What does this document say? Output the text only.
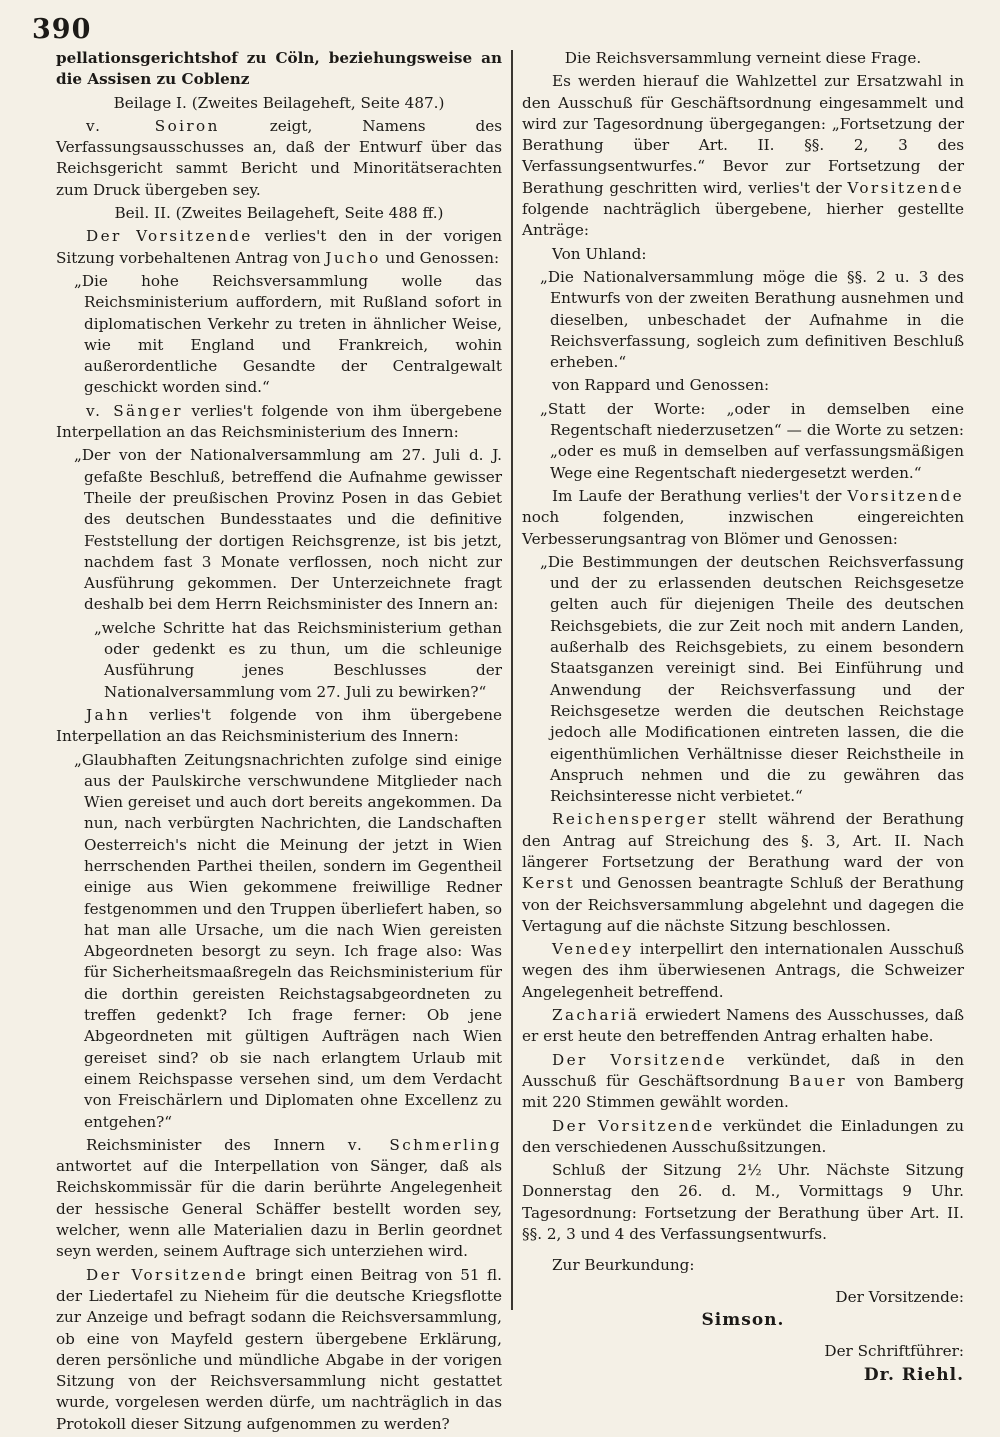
390

pellationsgerichtshof zu Cöln, beziehungsweise an die Assisen zu Coblenz

Beilage I. (Zweites Beilageheft, Seite 487.)

v. Soiron	zeigt, Namens des Verfassungsausschusses an, daß der Entwurf über das Reichsgericht sammt Bericht und Minoritätserachten zum Druck übergeben sey.

Beil. II. (Zweites Beilageheft, Seite 488 ff.)

Der Vorsitzende verlies't den in der vorigen Sitzung vorbehaltenen Antrag von Jucho und Genossen:

„Die hohe Reichsversammlung wolle das Reichsministerium auffordern, mit Rußland sofort in diplomatischen Verkehr zu treten in ähnlicher Weise, wie mit England und Frankreich, wohin außerordentliche Gesandte der Centralgewalt geschickt worden sind.“

v. Sänger verlies't folgende von ihm übergebene Interpellation an das Reichsministerium des Innern:

„Der von der Nationalversammlung am 27. Juli d. J. gefaßte Beschluß, betreffend die Aufnahme gewisser Theile der preußischen Provinz Posen in das Gebiet des deutschen Bundesstaates und die definitive Feststellung der dortigen Reichsgrenze, ist bis jetzt, nachdem fast 3 Monate verflossen, noch nicht zur Ausführung gekommen. Der Unterzeichnete fragt deshalb bei dem Herrn Reichsminister des Innern an:

„welche Schritte hat das Reichsministerium gethan oder gedenkt es zu thun, um die schleunige Ausführung jenes Beschlusses der Nationalversammlung vom 27. Juli zu bewirken?“

Jahn verlies't folgende von ihm übergebene Interpellation an das Reichsministerium des Innern:

„Glaubhaften Zeitungsnachrichten zufolge sind einige aus der Paulskirche verschwundene Mitglieder nach Wien gereiset und auch dort bereits angekommen. Da nun, nach verbürgten Nachrichten, die Landschaften Oesterreich's nicht die Meinung der jetzt in Wien herrschenden Parthei theilen, sondern im Gegentheil einige aus Wien gekommene freiwillige Redner festgenommen und den Truppen überliefert haben, so hat man alle Ursache, um die nach Wien gereisten Abgeordneten besorgt zu seyn. Ich frage also: Was für Sicherheitsmaaßregeln das Reichsministerium für die dorthin gereisten Reichstagsabgeordneten zu treffen gedenkt? Ich frage ferner: Ob jene Abgeordneten mit gültigen Aufträgen nach Wien gereiset sind? ob sie nach erlangtem Urlaub mit einem Reichspasse versehen sind, um dem Verdacht von Freischärlern und Diplomaten ohne Excellenz zu entgehen?“

Reichsminister des Innern v. Schmerling antwortet auf die Interpellation von Sänger, daß als Reichskommissär für die darin berührte Angelegenheit der hessische General Schäffer bestellt worden sey, welcher, wenn alle Materialien dazu in Berlin geordnet seyn werden, seinem Auftrage sich unterziehen wird.

Der Vorsitzende bringt einen Beitrag von 51 fl. der Liedertafel zu Nieheim für die deutsche Kriegsflotte zur Anzeige und befragt sodann die Reichsversammlung, ob eine von Mayfeld gestern übergebene Erklärung, deren persönliche und mündliche Abgabe in der vorigen Sitzung von der Reichsversammlung nicht gestattet wurde, vorgelesen werden dürfe, um nachträglich in das Protokoll dieser Sitzung aufgenommen zu werden?

Die Reichsversammlung verneint diese Frage.

Es werden hierauf die Wahlzettel zur Ersatzwahl in den Ausschuß für Geschäftsordnung eingesammelt und wird zur Tagesordnung übergegangen: „Fortsetzung der Berathung über Art. II. §§. 2, 3 des Verfassungsentwurfes.“ Bevor zur Fortsetzung der Berathung geschritten wird, verlies't der Vorsitzende folgende nachträglich übergebene, hierher gestellte Anträge:

Von Uhland:

„Die Nationalversammlung möge die §§. 2 u. 3 des Entwurfs von der zweiten Berathung ausnehmen und dieselben, unbeschadet der Aufnahme in die Reichsverfassung, sogleich zum definitiven Beschluß erheben.“

von Rappard und Genossen:

„Statt der Worte: „oder in demselben eine Regentschaft niederzusetzen“ — die Worte zu setzen: „oder es muß in demselben auf verfassungsmäßigen Wege eine Regentschaft niedergesetzt werden.“

Im Laufe der Berathung verlies't der Vorsitzende noch folgenden, inzwischen eingereichten Verbesserungsantrag von Blömer und Genossen:

„Die Bestimmungen der deutschen Reichsverfassung und der zu erlassenden deutschen Reichsgesetze gelten auch für diejenigen Theile des deutschen Reichsgebiets, die zur Zeit noch mit andern Landen, außerhalb des Reichsgebiets, zu einem besondern Staatsganzen vereinigt sind. Bei Einführung und Anwendung der Reichsverfassung und der Reichsgesetze werden die deutschen Reichstage jedoch alle Modificationen eintreten lassen, die die eigenthümlichen Verhältnisse dieser Reichstheile in Anspruch nehmen und die zu gewähren das Reichsinteresse nicht verbietet.“

Reichensperger stellt während der Berathung den Antrag auf Streichung des §. 3, Art. II. Nach längerer Fortsetzung der Berathung ward der von Kerst und Genossen beantragte Schluß der Berathung von der Reichsversammlung abgelehnt und dagegen die Vertagung auf die nächste Sitzung beschlossen.

Venedey interpellirt den internationalen Ausschuß wegen des ihm überwiesenen Antrags, die Schweizer Angelegenheit betreffend.

Zachariä erwiedert Namens des Ausschusses, daß er erst heute den betreffenden Antrag erhalten habe.

Der Vorsitzende verkündet, daß in den Ausschuß für Geschäftsordnung Bauer von Bamberg mit 220 Stimmen gewählt worden.

Der Vorsitzende verkündet die Einladungen zu den verschiedenen Ausschußsitzungen.

Schluß der Sitzung 2½ Uhr. Nächste Sitzung Donnerstag den 26. d. M., Vormittags 9 Uhr. Tagesordnung: Fortsetzung der Berathung über Art. II. §§. 2, 3 und 4 des Verfassungsentwurfs.

Zur Beurkundung:

Der Vorsitzende:

Simson.

Der Schriftführer:

Dr. Riehl.
